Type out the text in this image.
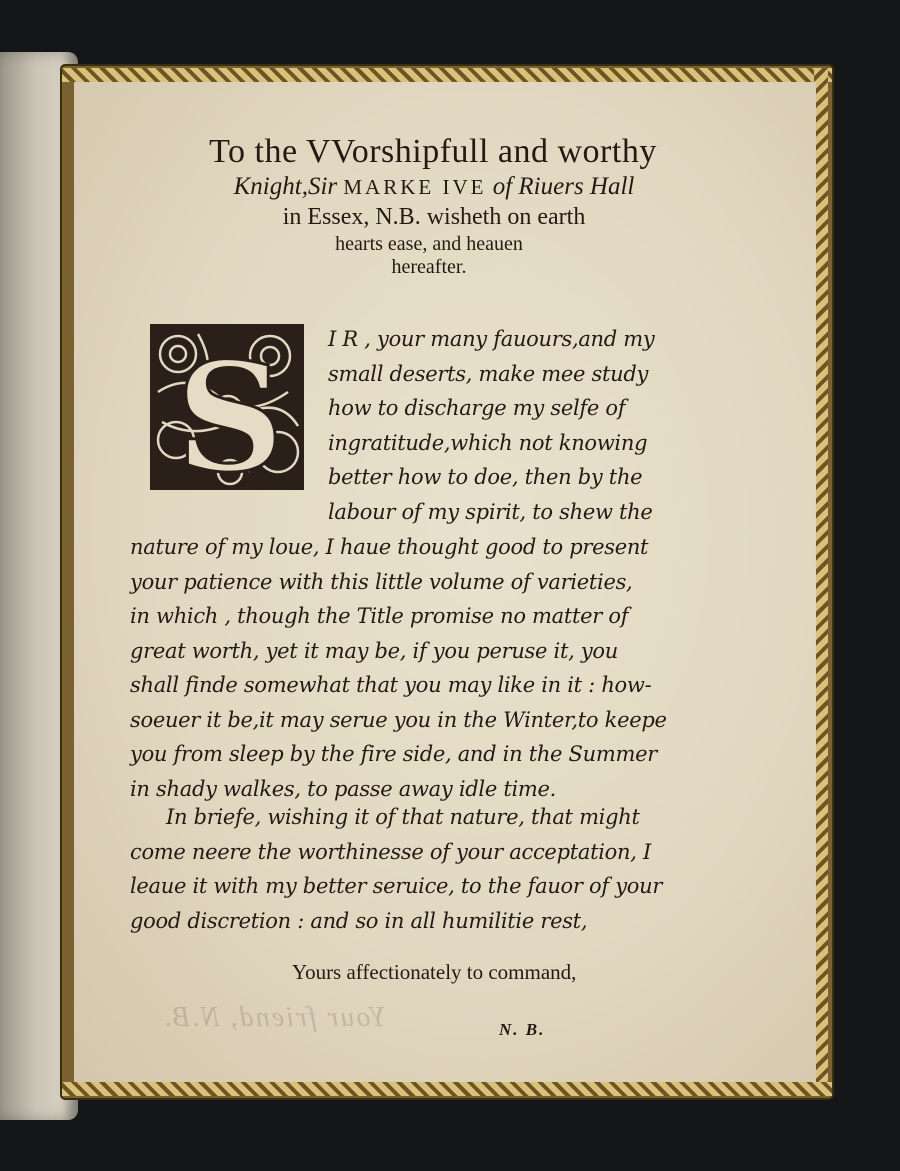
To the VVorshipfull and worthy
Knight,Sir MARKE IVE of Riuers Hall
in Essex, N.B. wisheth on earth
hearts ease, and heauen
hereafter.
S I R , your many fauours,and my
small deserts, make mee study
how to discharge my selfe of
ingratitude,which not knowing
better how to doe, then by the
labour of my spirit, to shew the
nature of my loue, I haue thought good to present
your patience with this little volume of varieties,
in which , though the Title promise no matter of
great worth, yet it may be, if you peruse it, you
shall finde somewhat that you may like in it : how-
soeuer it be,it may serue you in the Winter,to keepe
you from sleep by the fire side, and in the Summer
in shady walkes, to passe away idle time.
In briefe, wishing it of that nature, that might
come neere the worthinesse of your acceptation, I
leaue it with my better seruice, to the fauor of your
good discretion : and so in all humilitie rest,
Your friend, N.B.
Yours affectionately to command,
N. B.
